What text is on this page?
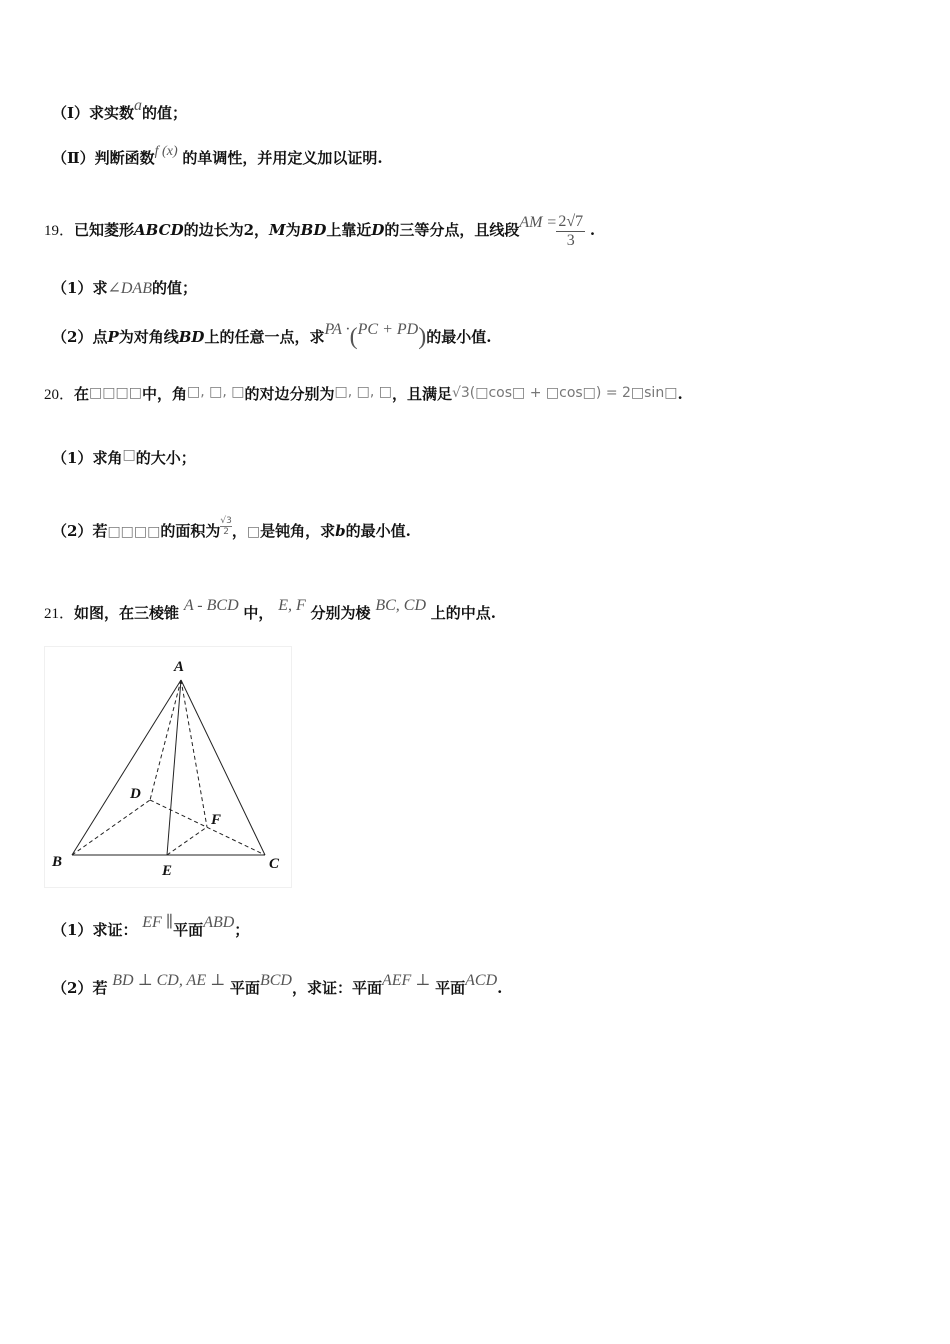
（Ⅰ）求实数a的值；
（Ⅱ）判断函数f (x) 的单调性，并用定义加以证明.
19．已知菱形ABCD的边长为2，M为BD上靠近D的三等分点，且线段AM = $\frac{2√7}{3}$ .
（1）求∠DAB的值；
（2）点P为对角线BD上的任意一点，求PA ·(PC + PD)的最小值.
20．在□□□□中，角□, □, □的对边分别为□, □, □，且满足√3(□cos□ + □cos□) = 2□sin□.
（1）求角□的大小；
（2）若□□□□的面积为 $\frac{√3}{2}$，□是钝角，求b的最小值.
21．如图，在三棱锥 A - BCD 中， E, F 分别为棱 BC, CD 上的中点.
A
B	C
D
E
F
（1）求证： EF ∥平面ABD；
（2）若 BD ⊥ CD, AE ⊥ 平面BCD，求证：平面AEF ⊥ 平面ACD.
